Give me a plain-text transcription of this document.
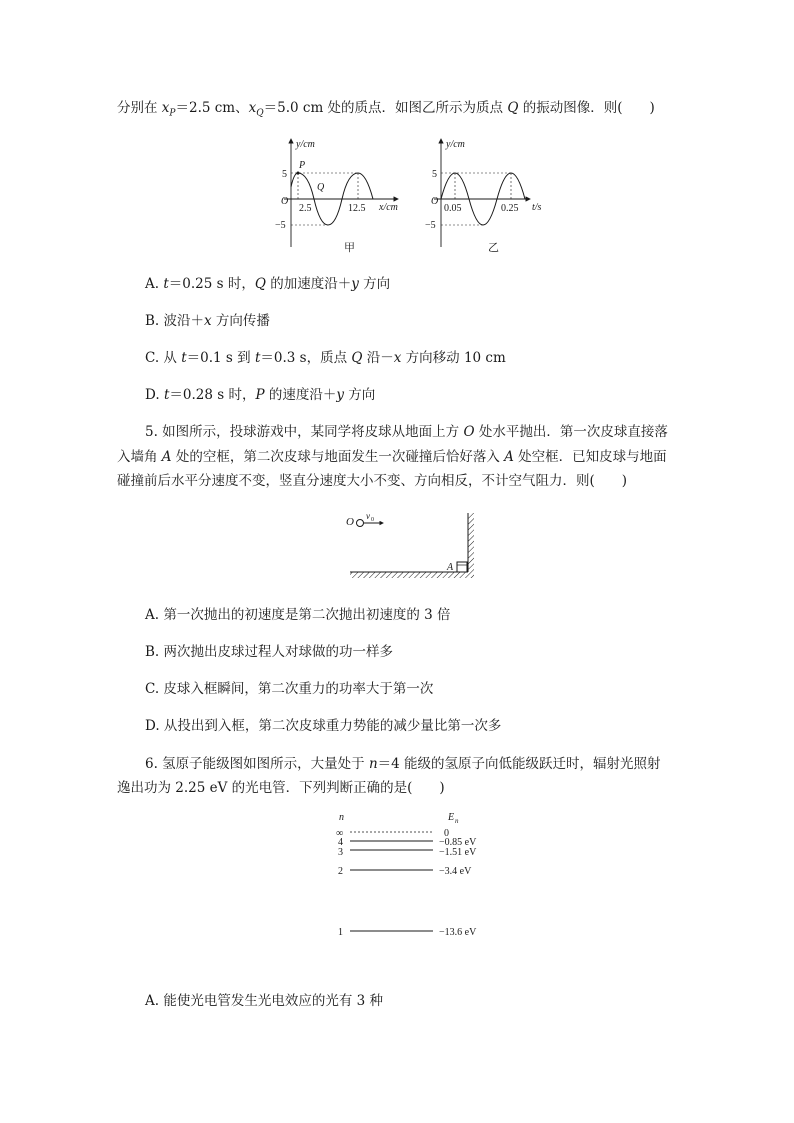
分别在 $x_P=2.5$ cm、$x_Q=5.0$ cm 处的质点．如图乙所示为质点 Q 的振动图像．则(　　)
y/cm
x/cm
O
P
Q
5
−5
2.5	12.5
甲
y/cm
t/s
O
5
−5
0.05	0.25
乙
A. t＝0.25 s 时，Q 的加速度沿＋y 方向
B. 波沿＋x 方向传播
C. 从 t＝0.1 s 到 t＝0.3 s，质点 Q 沿－x 方向移动 10 cm
D. t＝0.28 s 时，P 的速度沿＋y 方向
5. 如图所示，投球游戏中，某同学将皮球从地面上方 O 处水平抛出．第一次皮球直接落
入墙角 A 处的空框，第二次皮球与地面发生一次碰撞后恰好落入 A 处空框．已知皮球与地面
碰撞前后水平分速度不变，竖直分速度大小不变、方向相反，不计空气阻力．则(　　)
O v 0
A
A. 第一次抛出的初速度是第二次抛出初速度的 3 倍
B. 两次抛出皮球过程人对球做的功一样多
C. 皮球入框瞬间，第二次重力的功率大于第一次
D. 从投出到入框，第二次皮球重力势能的减少量比第一次多
6. 氢原子能级图如图所示，大量处于 n＝4 能级的氢原子向低能级跃迁时，辐射光照射
逸出功为 2.25 eV 的光电管．下列判断正确的是(　　)
n	E n
∞	0
4	−0.85 eV
3	−1.51 eV
2	−3.4 eV
1	−13.6 eV
A. 能使光电管发生光电效应的光有 3 种
